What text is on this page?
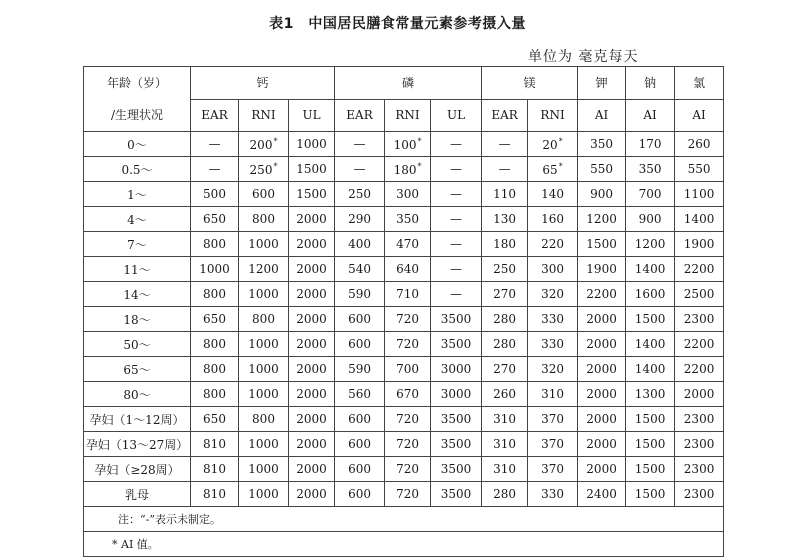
表1　中国居民膳食常量元素参考摄入量
单位为 毫克每天
年龄（岁）
/生理状况	钙			磷			镁		钾	钠	氯
	EAR	RNI	UL	EAR	RNI	UL	EAR	RNI	AI	AI	AI
0～	—	200*	1000	—	100*	—	—	20*	350	170	260
0.5～	—	250*	1500	—	180*	—	—	65*	550	350	550
1～	500	600	1500	250	300	—	110	140	900	700	1100
4～	650	800	2000	290	350	—	130	160	1200	900	1400
7～	800	1000	2000	400	470	—	180	220	1500	1200	1900
11～	1000	1200	2000	540	640	—	250	300	1900	1400	2200
14～	800	1000	2000	590	710	—	270	320	2200	1600	2500
18～	650	800	2000	600	720	3500	280	330	2000	1500	2300
50～	800	1000	2000	600	720	3500	280	330	2000	1400	2200
65～	800	1000	2000	590	700	3000	270	320	2000	1400	2200
80～	800	1000	2000	560	670	3000	260	310	2000	1300	2000
孕妇（1～12周）	650	800	2000	600	720	3500	310	370	2000	1500	2300
孕妇（13～27周）	810	1000	2000	600	720	3500	310	370	2000	1500	2300
孕妇（≥28周）	810	1000	2000	600	720	3500	310	370	2000	1500	2300
乳母	810	1000	2000	600	720	3500	280	330	2400	1500	2300
注：“-”表示未制定。											
* AI 值。											
